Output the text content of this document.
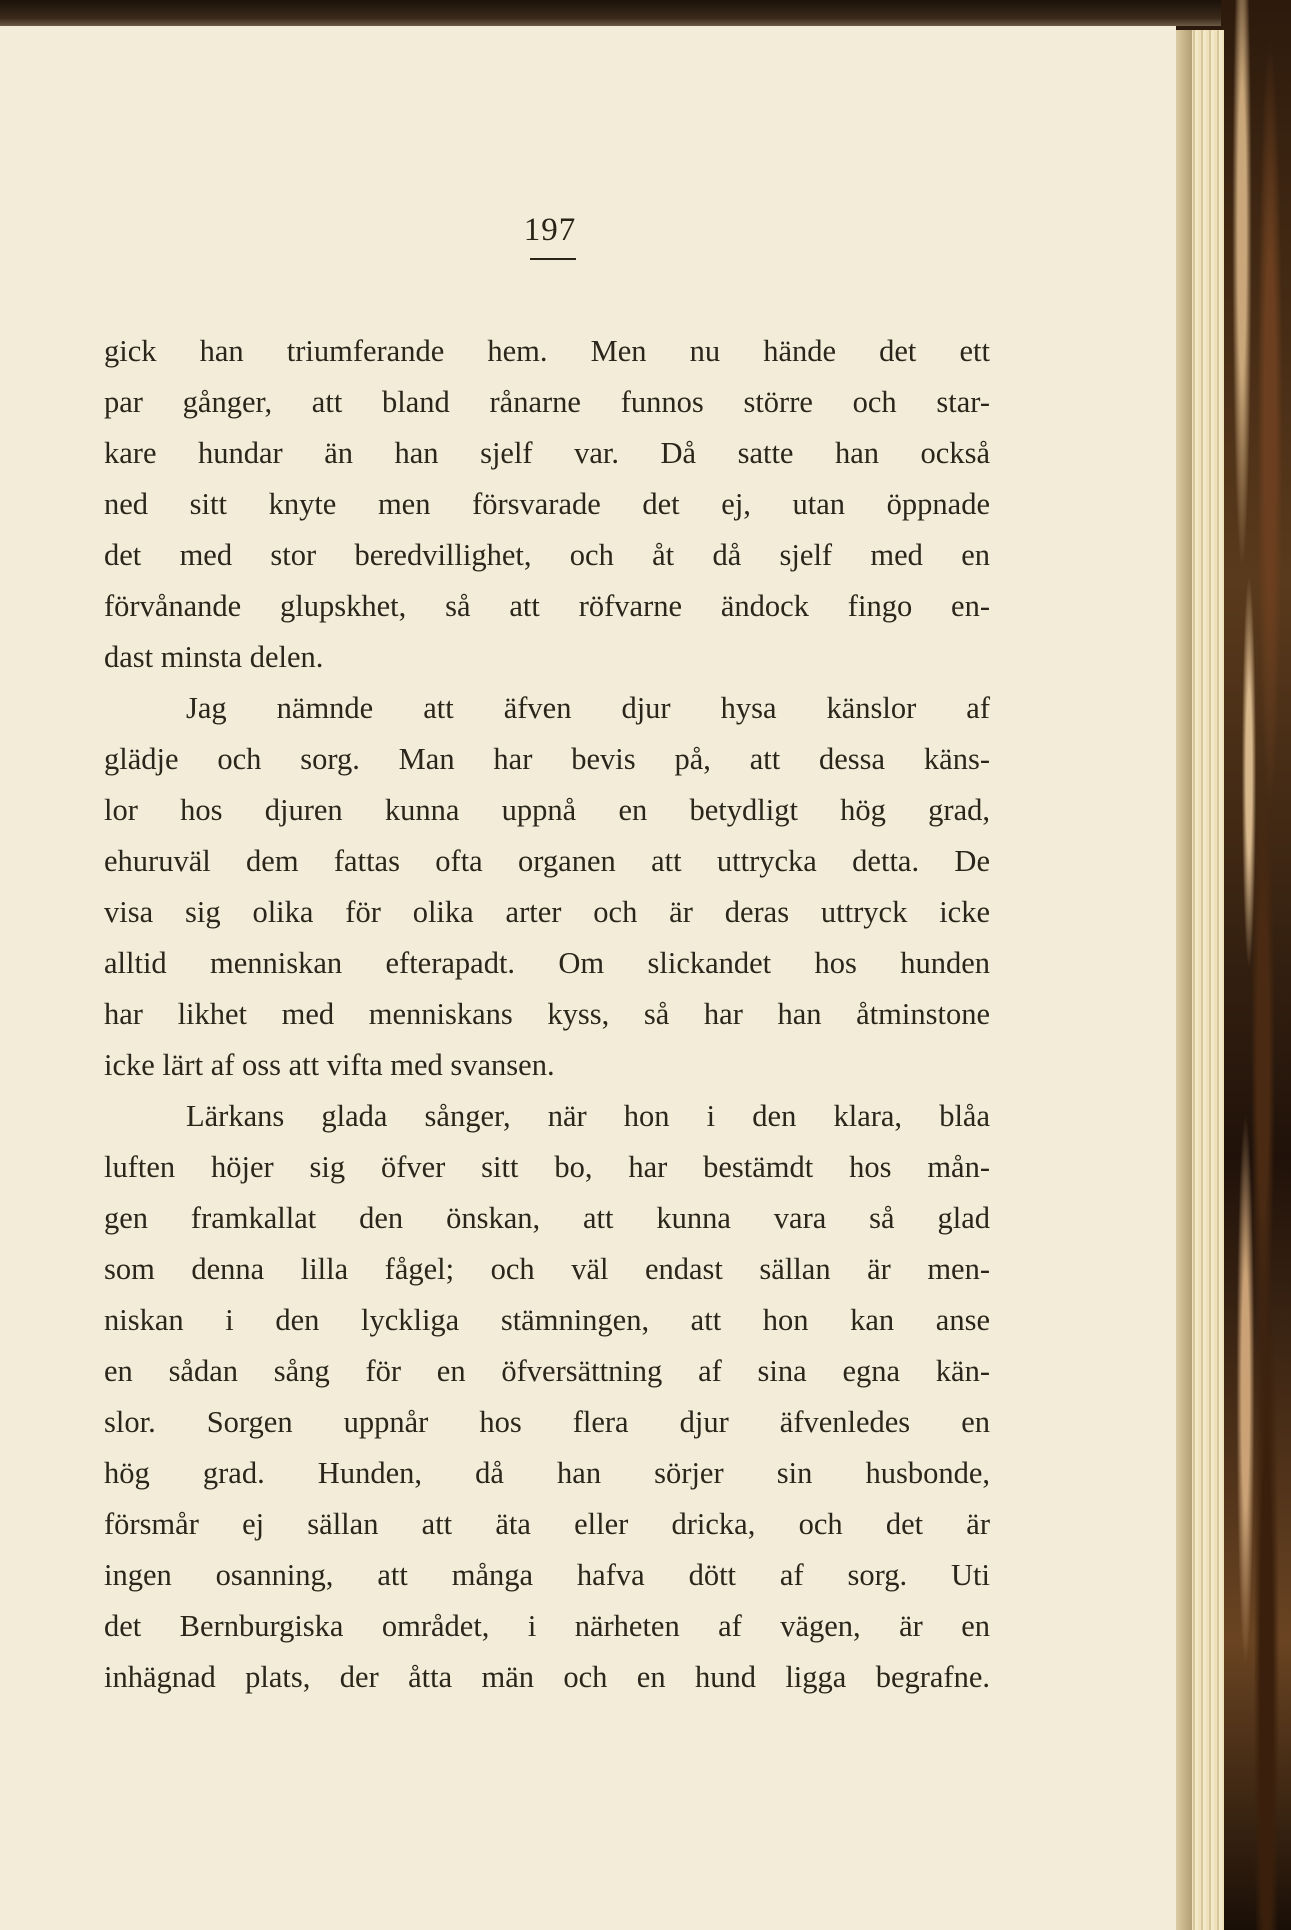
197
gick han triumferande hem. Men nu hände det ett
par gånger, att bland rånarne funnos större och star-
kare hundar än han sjelf var. Då satte han också
ned sitt knyte men försvarade det ej, utan öppnade
det med stor beredvillighet, och åt då sjelf med en
förvånande glupskhet, så att röfvarne ändock fingo en-
dast minsta delen.
Jag nämnde att äfven djur hysa känslor af
glädje och sorg. Man har bevis på, att dessa käns-
lor hos djuren kunna uppnå en betydligt hög grad,
ehuruväl dem fattas ofta organen att uttrycka detta. De
visa sig olika för olika arter och är deras uttryck icke
alltid menniskan efterapadt. Om slickandet hos hunden
har likhet med menniskans kyss, så har han åtminstone
icke lärt af oss att vifta med svansen.
Lärkans glada sånger, när hon i den klara, blåa
luften höjer sig öfver sitt bo, har bestämdt hos mån-
gen framkallat den önskan, att kunna vara så glad
som denna lilla fågel; och väl endast sällan är men-
niskan i den lyckliga stämningen, att hon kan anse
en sådan sång för en öfversättning af sina egna kän-
slor. Sorgen uppnår hos flera djur äfvenledes en
hög grad. Hunden, då han sörjer sin husbonde,
försmår ej sällan att äta eller dricka, och det är
ingen osanning, att många hafva dött af sorg. Uti
det Bernburgiska området, i närheten af vägen, är en
inhägnad plats, der åtta män och en hund ligga begrafne.
